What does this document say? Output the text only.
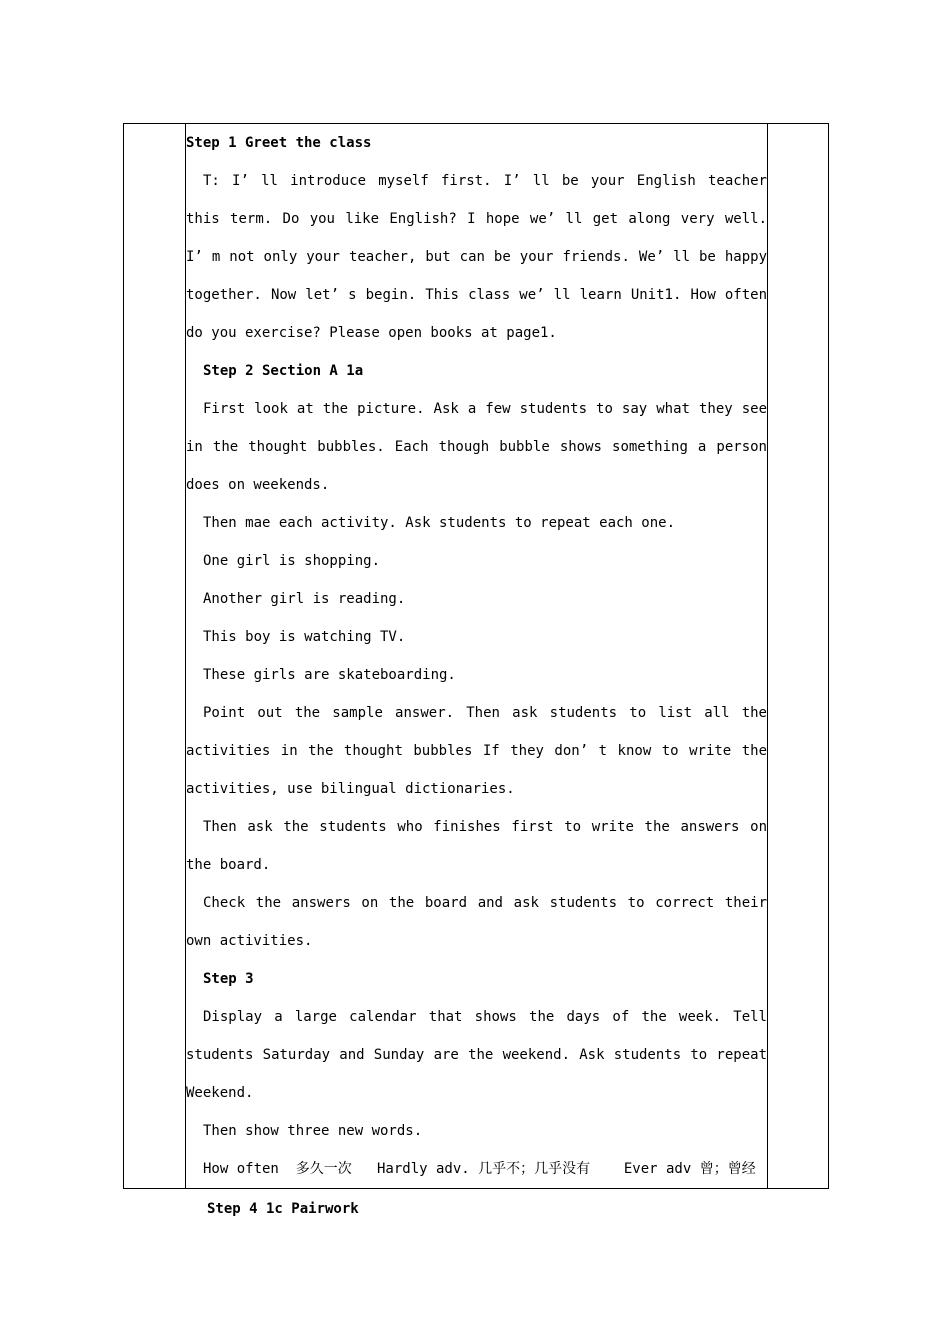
Step 1 Greet the class

T: I’ ll introduce myself first. I’ ll be your English teacher this term. Do you like English? I hope we’ ll get along very well. I’ m not only your teacher, but can be your friends. We’ ll be happy together. Now let’ s begin. This class we’ ll learn Unit1. How often do you exercise? Please open books at page1.

Step 2 Section A 1a

First look at the picture. Ask a few students to say what they see in the thought bubbles. Each though bubble shows something a person does on weekends.

Then mae each activity. Ask students to repeat each one.

One girl is shopping.

Another girl is reading.

This boy is watching TV.

These girls are skateboarding.

Point out the sample answer. Then ask students to list all the activities in the thought bubbles If they don’ t know to write the activities, use bilingual dictionaries.

Then ask the students who finishes first to write the answers on the board.

Check the answers on the board and ask students to correct their own activities.

Step 3

Display a large calendar that shows the days of the week. Tell students Saturday and Sunday are the weekend. Ask students to repeat Weekend.

Then show three new words.

How often  多久一次   Hardly adv. 几乎不；几乎没有    Ever adv 曾；曾经

Step 4 1c Pairwork
